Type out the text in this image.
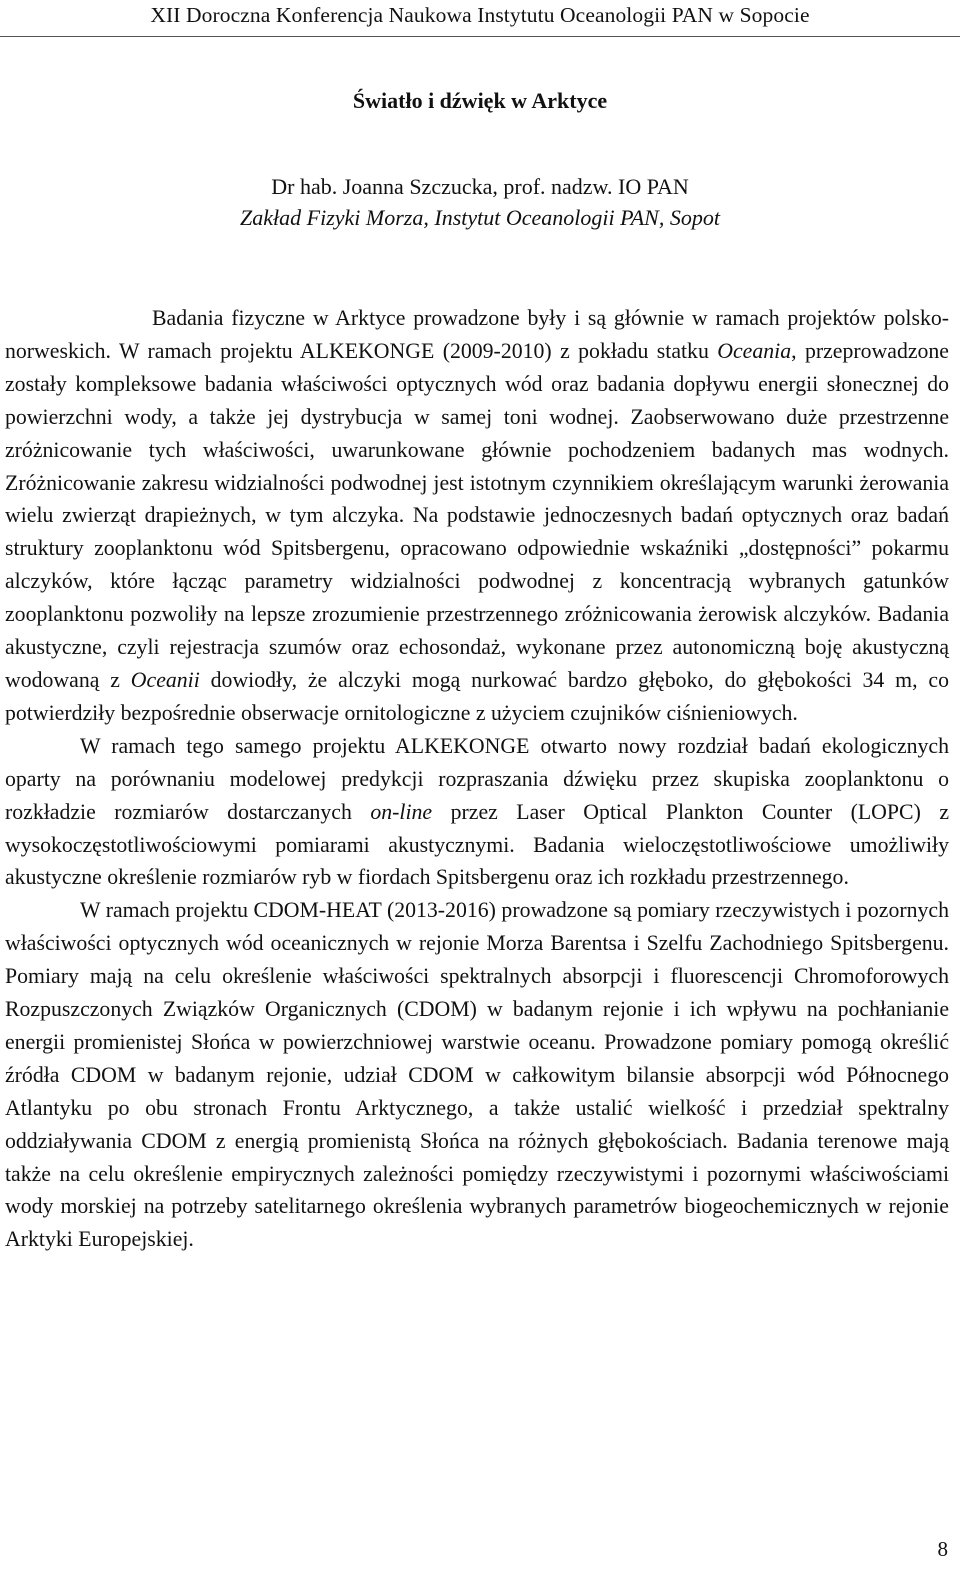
XII Doroczna Konferencja Naukowa Instytutu Oceanologii PAN w Sopocie
Światło i dźwięk w Arktyce
Dr hab. Joanna Szczucka, prof. nadzw. IO PAN
Zakład Fizyki Morza, Instytut Oceanologii PAN, Sopot

Badania fizyczne w Arktyce prowadzone były i są głównie w ramach projektów polsko-norweskich. W ramach projektu ALKEKONGE (2009-2010) z pokładu statku Oceania, przeprowadzone zostały kompleksowe badania właściwości optycznych wód oraz badania dopływu energii słonecznej do powierzchni wody, a także jej dystrybucja w samej toni wodnej. Zaobserwowano duże przestrzenne zróżnicowanie tych właściwości, uwarunkowane głównie pochodzeniem badanych mas wodnych. Zróżnicowanie zakresu widzialności podwodnej jest istotnym czynnikiem określającym warunki żerowania wielu zwierząt drapieżnych, w tym alczyka. Na podstawie jednoczesnych badań optycznych oraz badań struktury zooplanktonu wód Spitsbergenu, opracowano odpowiednie wskaźniki „dostępności” pokarmu alczyków, które łącząc parametry widzialności podwodnej z koncentracją wybranych gatunków zooplanktonu pozwoliły na lepsze zrozumienie przestrzennego zróżnicowania żerowisk alczyków. Badania akustyczne, czyli rejestracja szumów oraz echosondaż, wykonane przez autonomiczną boję akustyczną wodowaną z Oceanii dowiodły, że alczyki mogą nurkować bardzo głęboko, do głębokości 34 m, co potwierdziły bezpośrednie obserwacje ornitologiczne z użyciem czujników ciśnieniowych.

W ramach tego samego projektu ALKEKONGE otwarto nowy rozdział badań ekologicznych oparty na porównaniu modelowej predykcji rozpraszania dźwięku przez skupiska zooplanktonu o rozkładzie rozmiarów dostarczanych on-line przez Laser Optical Plankton Counter (LOPC) z wysokoczęstotliwościowymi pomiarami akustycznymi. Badania wieloczęstotliwościowe umożliwiły akustyczne określenie rozmiarów ryb w fiordach Spitsbergenu oraz ich rozkładu przestrzennego.

W ramach projektu CDOM-HEAT (2013-2016) prowadzone są pomiary rzeczywistych i pozornych właściwości optycznych wód oceanicznych w rejonie Morza Barentsa i Szelfu Zachodniego Spitsbergenu. Pomiary mają na celu określenie właściwości spektralnych absorpcji i fluorescencji Chromoforowych Rozpuszczonych Związków Organicznych (CDOM) w badanym rejonie i ich wpływu na pochłanianie energii promienistej Słońca w powierzchniowej warstwie oceanu. Prowadzone pomiary pomogą określić źródła CDOM w badanym rejonie, udział CDOM w całkowitym bilansie absorpcji wód Północnego Atlantyku po obu stronach Frontu Arktycznego, a także ustalić wielkość i przedział spektralny oddziaływania CDOM z energią promienistą Słońca na różnych głębokościach. Badania terenowe mają także na celu określenie empirycznych zależności pomiędzy rzeczywistymi i pozornymi właściwościami wody morskiej na potrzeby satelitarnego określenia wybranych parametrów biogeochemicznych w rejonie Arktyki Europejskiej.

8
